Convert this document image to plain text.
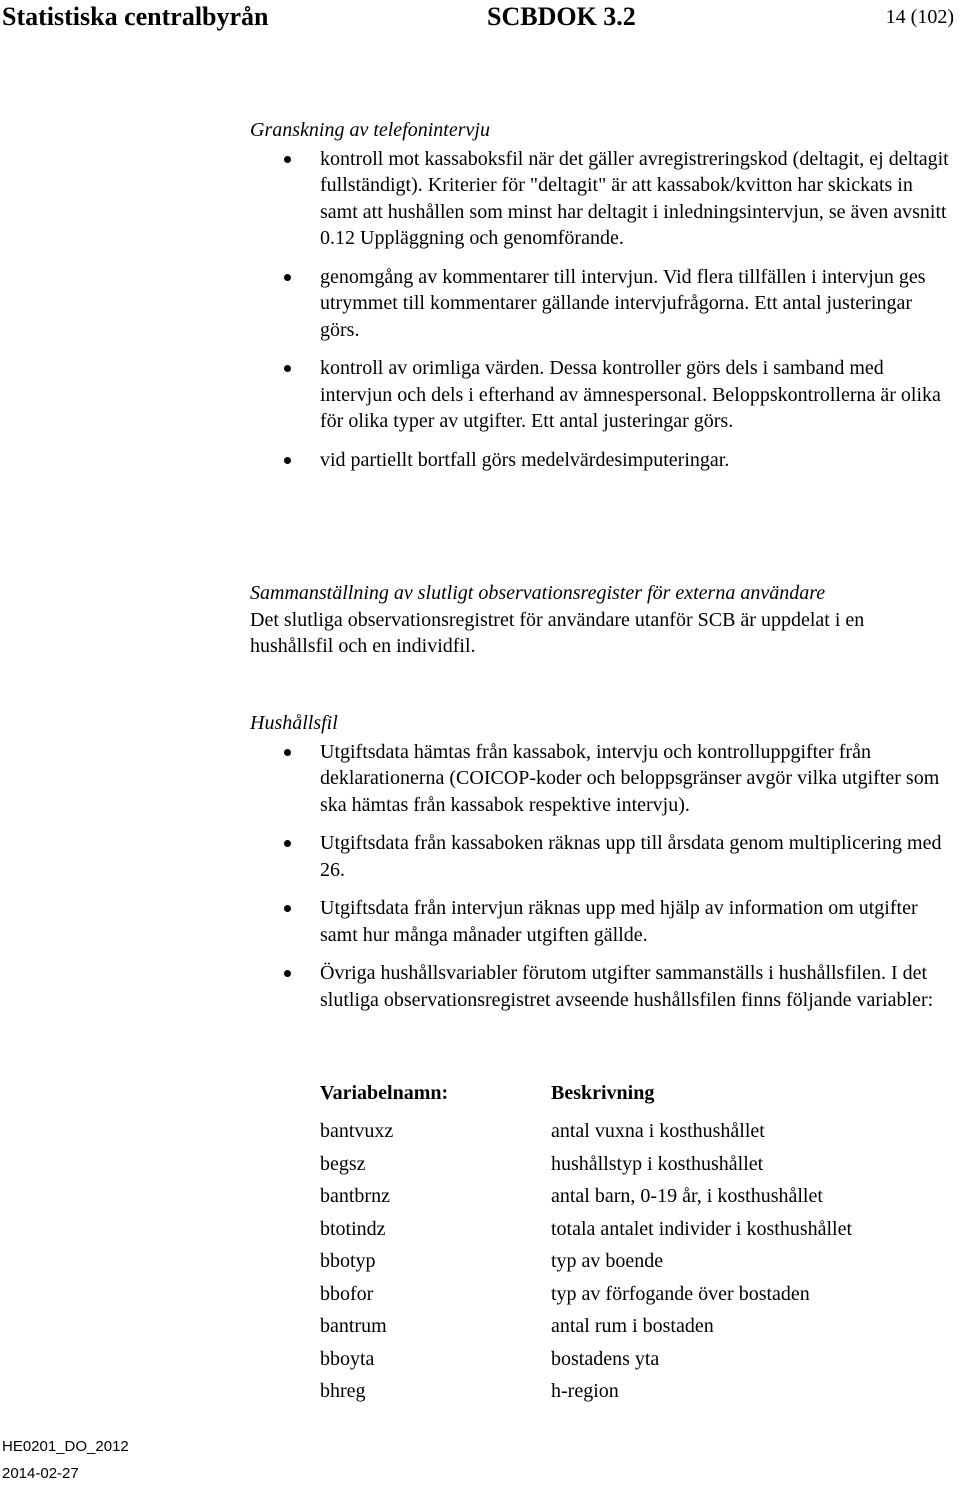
Statistiska centralbyrån	SCBDOK 3.2	14 (102)

Granskning av telefonintervju

kontroll mot kassaboksfil när det gäller avregistreringskod (deltagit, ej deltagit fullständigt). Kriterier för "deltagit" är att kassabok/kvitton har skickats in samt att hushållen som minst har deltagit i inledningsintervjun, se även avsnitt 0.12 Uppläggning och genomförande.
genomgång av kommentarer till intervjun. Vid flera tillfällen i intervjun ges utrymmet till kommentarer gällande intervjufrågorna. Ett antal justeringar görs.
kontroll av orimliga värden. Dessa kontroller görs dels i samband med intervjun och dels i efterhand av ämnespersonal. Beloppskontrollerna är olika för olika typer av utgifter. Ett antal justeringar görs.
vid partiellt bortfall görs medelvärdesimputeringar.

Sammanställning av slutligt observationsregister för externa användare

Det slutliga observationsregistret för användare utanför SCB är uppdelat i en hushållsfil och en individfil.

Hushållsfil

Utgiftsdata hämtas från kassabok, intervju och kontrolluppgifter från deklarationerna (COICOP-koder och beloppsgränser avgör vilka utgifter som ska hämtas från kassabok respektive intervju).
Utgiftsdata från kassaboken räknas upp till årsdata genom multiplicering med 26.
Utgiftsdata från intervjun räknas upp med hjälp av information om utgifter samt hur många månader utgiften gällde.
Övriga hushållsvariabler förutom utgifter sammanställs i hushållsfilen. I det slutliga observationsregistret avseende hushållsfilen finns följande variabler:
Variabelnamn:	Beskrivning
bantvuxz	antal vuxna i kosthushållet
begsz	hushållstyp i kosthushållet
bantbrnz	antal barn, 0-19 år, i kosthushållet
btotindz	totala antalet individer i kosthushållet
bbotyp	typ av boende
bbofor	typ av förfogande över bostaden
bantrum	antal rum i bostaden
bboyta	bostadens yta
bhreg	h-region
HE0201_DO_2012
2014-02-27
